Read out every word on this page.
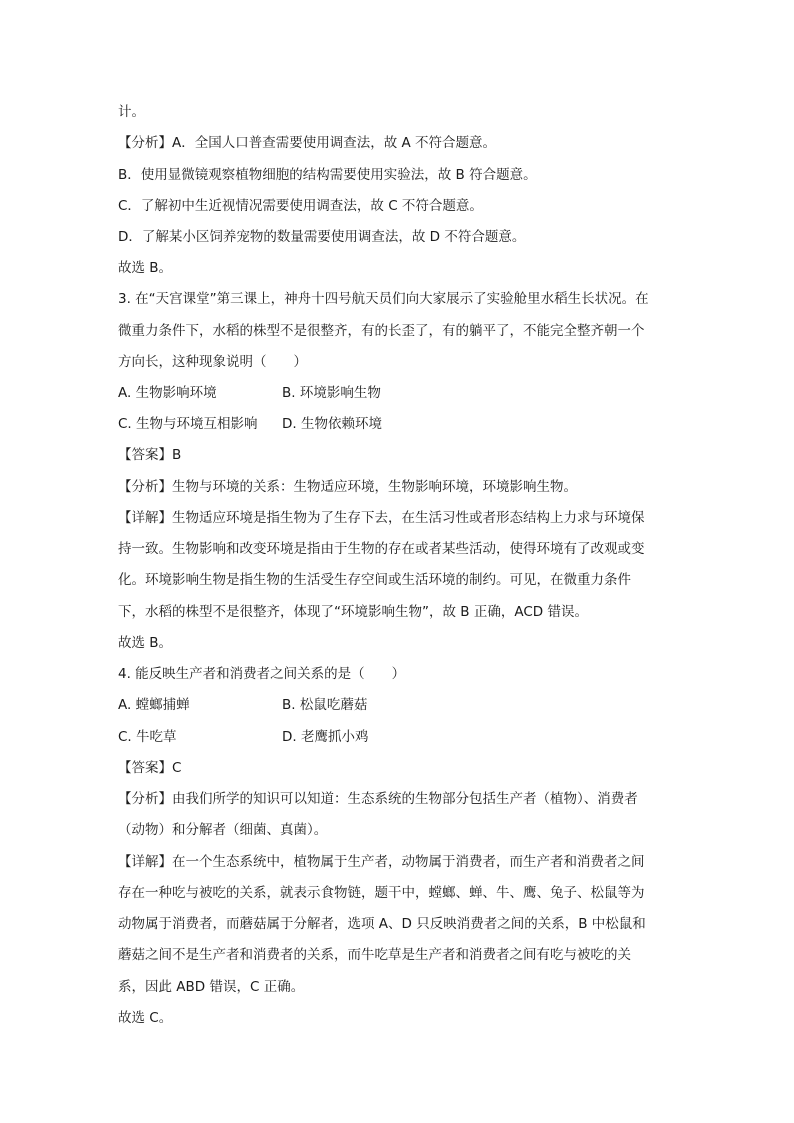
计。
【分析】A．全国人口普查需要使用调查法，故 A 不符合题意。
B．使用显微镜观察植物细胞的结构需要使用实验法，故 B 符合题意。
C．了解初中生近视情况需要使用调查法，故 C 不符合题意。
D．了解某小区饲养宠物的数量需要使用调查法，故 D 不符合题意。
故选 B。
3. 在“天宫课堂”第三课上，神舟十四号航天员们向大家展示了实验舱里水稻生长状况。在
微重力条件下，水稻的株型不是很整齐，有的长歪了，有的躺平了，不能完全整齐朝一个
方向长，这种现象说明（　　）
A. 生物影响环境	B. 环境影响生物
C. 生物与环境互相影响 D. 生物依赖环境
【答案】B
【分析】生物与环境的关系：生物适应环境，生物影响环境，环境影响生物。
【详解】生物适应环境是指生物为了生存下去，在生活习性或者形态结构上力求与环境保
持一致。生物影响和改变环境是指由于生物的存在或者某些活动，使得环境有了改观或变
化。环境影响生物是指生物的生活受生存空间或生活环境的制约。可见，在微重力条件
下，水稻的株型不是很整齐，体现了“环境影响生物”，故 B 正确，ACD 错误。
故选 B。
4. 能反映生产者和消费者之间关系的是（　　）
A. 螳螂捕蝉	B. 松鼠吃蘑菇
C. 牛吃草	D. 老鹰抓小鸡
【答案】C
【分析】由我们所学的知识可以知道：生态系统的生物部分包括生产者（植物）、消费者
（动物）和分解者（细菌、真菌）。
【详解】在一个生态系统中，植物属于生产者，动物属于消费者，而生产者和消费者之间
存在一种吃与被吃的关系，就表示食物链，题干中，螳螂、蝉、牛、鹰、兔子、松鼠等为
动物属于消费者，而蘑菇属于分解者，选项 A、D 只反映消费者之间的关系，B 中松鼠和
蘑菇之间不是生产者和消费者的关系，而牛吃草是生产者和消费者之间有吃与被吃的关
系，因此 ABD 错误，C 正确。
故选 C。
